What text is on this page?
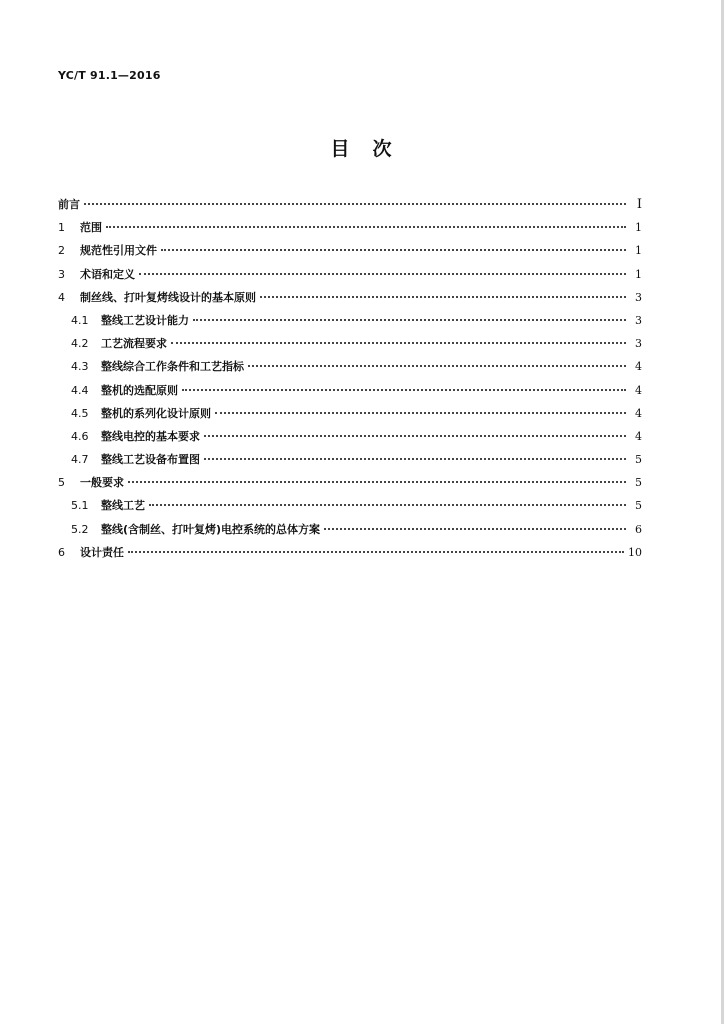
YC/T 91.1—2016
目　次
前言	Ⅰ
1	范围	1
2	规范性引用文件	1
3	术语和定义	1
4	制丝线、打叶复烤线设计的基本原则	3
4.1	整线工艺设计能力	3
4.2	工艺流程要求	3
4.3	整线综合工作条件和工艺指标	4
4.4	整机的选配原则	4
4.5	整机的系列化设计原则	4
4.6	整线电控的基本要求	4
4.7	整线工艺设备布置图	5
5	一般要求	5
5.1	整线工艺	5
5.2	整线(含制丝、打叶复烤)电控系统的总体方案	6
6	设计责任	10
